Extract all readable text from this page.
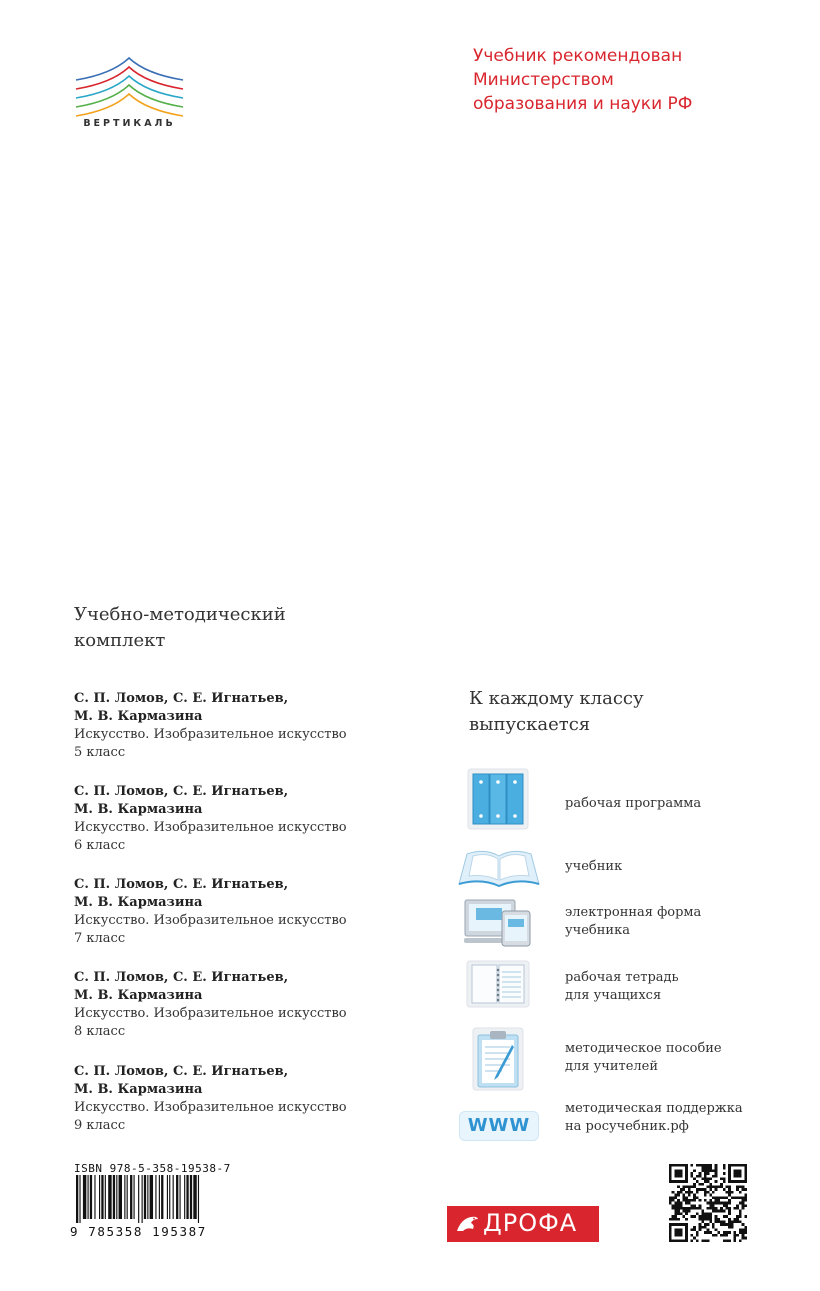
ВЕРТИКАЛЬ
Учебник рекомендован
Министерством
образования и науки РФ
Учебно-методический
комплект
С. П. Ломов, С. Е. Игнатьев,
М. В. Кармазина
Искусство. Изобразительное искусство
5 класс
С. П. Ломов, С. Е. Игнатьев,
М. В. Кармазина
Искусство. Изобразительное искусство
6 класс
С. П. Ломов, С. Е. Игнатьев,
М. В. Кармазина
Искусство. Изобразительное искусство
7 класс
С. П. Ломов, С. Е. Игнатьев,
М. В. Кармазина
Искусство. Изобразительное искусство
8 класс
С. П. Ломов, С. Е. Игнатьев,
М. В. Кармазина
Искусство. Изобразительное искусство
9 класс
К каждому классу
выпускается
рабочая программа
учебник
электронная форма
учебника
рабочая тетрадь
для учащихся
методическое пособие
для учителей
WWW
методическая поддержка
на росучебник.рф
ISBN 978-5-358-19538-7
9 785358 195387	ДРОФА
